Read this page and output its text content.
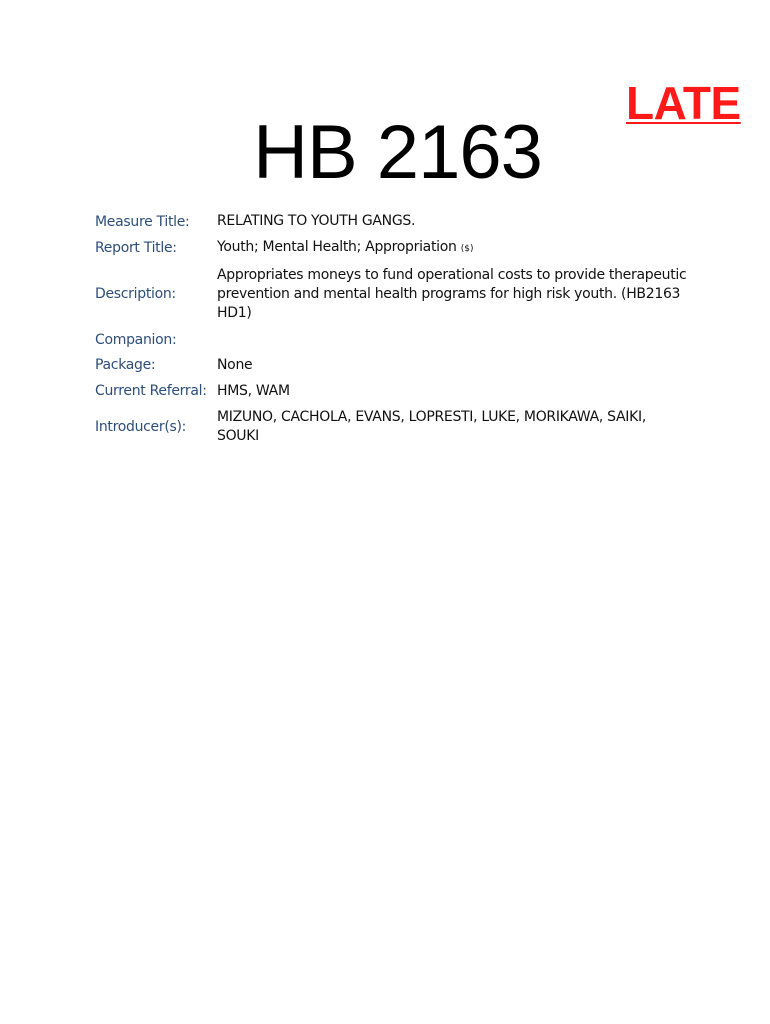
LATE
HB 2163
Measure Title:	RELATING TO YOUTH GANGS.
Report Title:	Youth; Mental Health; Appropriation ($)
Description:	Appropriates moneys to fund operational costs to provide therapeutic prevention and mental health programs for high risk youth. (HB2163 HD1)
Companion:	
Package:	None
Current Referral:	HMS, WAM
Introducer(s):	MIZUNO, CACHOLA, EVANS, LOPRESTI, LUKE, MORIKAWA, SAIKI, SOUKI
